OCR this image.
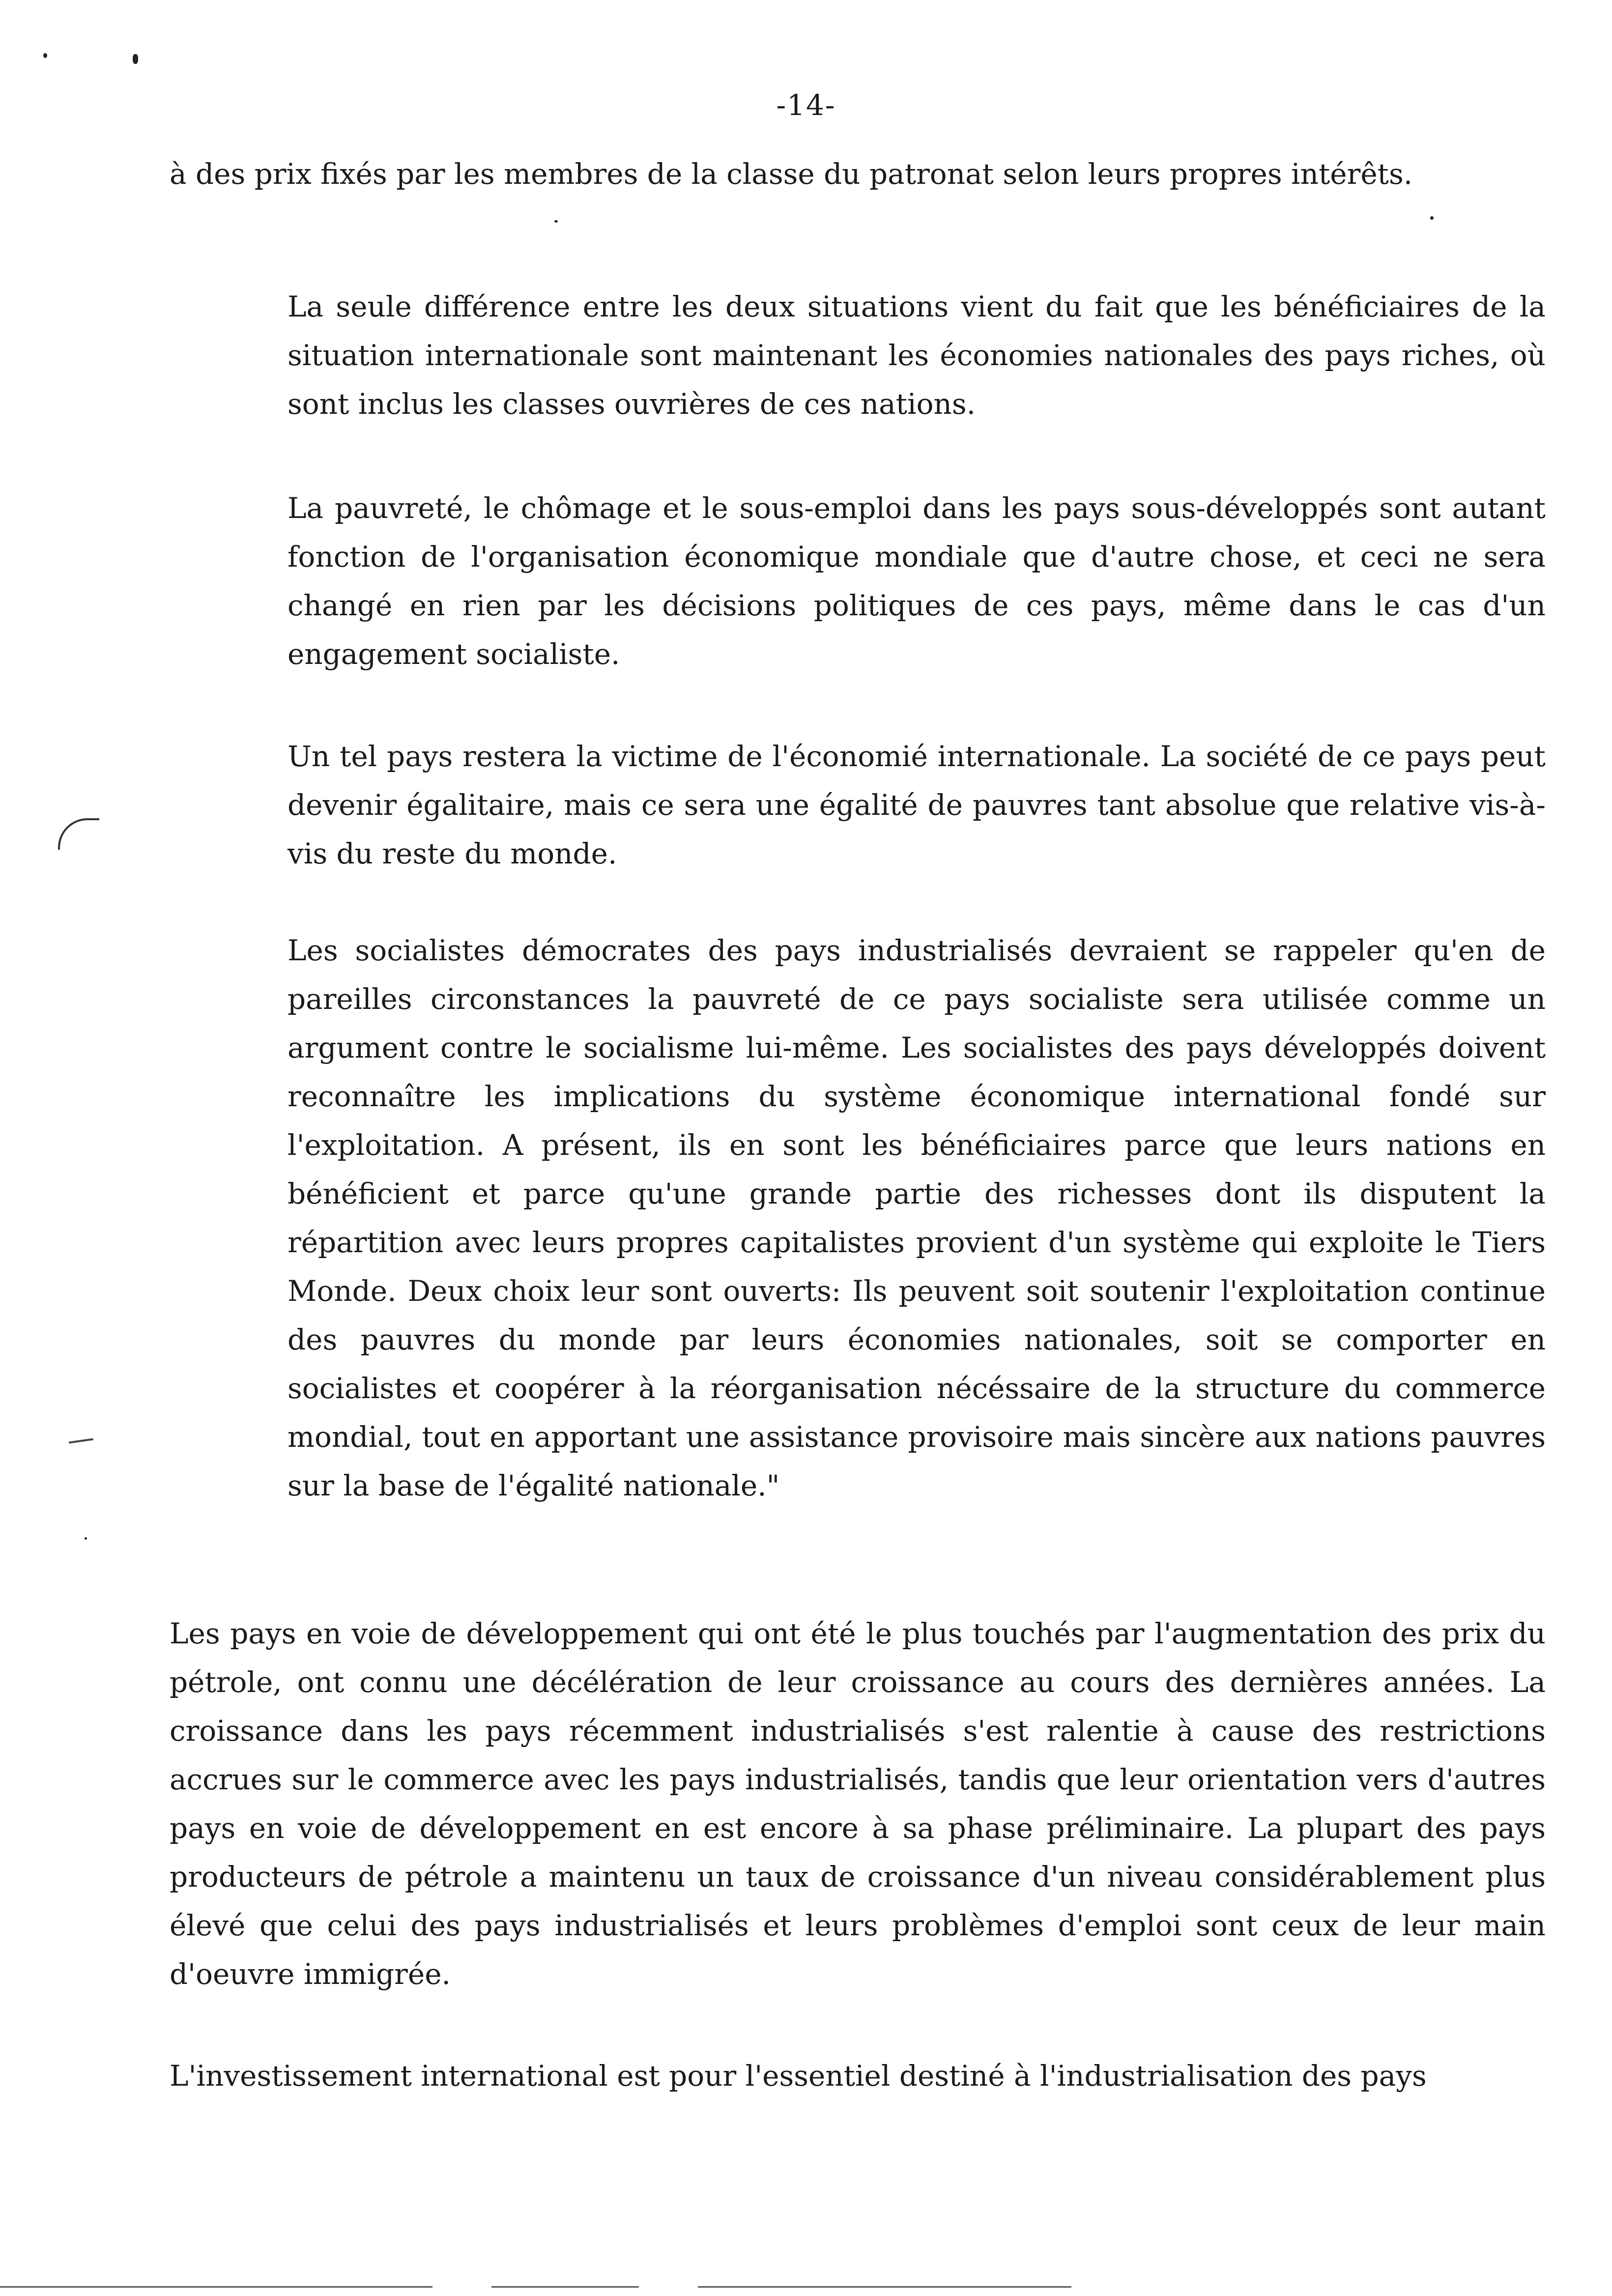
-14-

à des prix fixés par les membres de la classe du patronat selon leurs propres intérêts.

La seule différence entre les deux situations vient du fait que les bénéficiaires de la situation internationale sont maintenant les économies nationales des pays riches, où sont inclus les classes ouvrières de ces nations.

La pauvreté, le chômage et le sous-emploi dans les pays sous-développés sont autant fonction de l'organisation économique mondiale que d'autre chose, et ceci ne sera changé en rien par les décisions politiques de ces pays, même dans le cas d'un engagement socialiste.

Un tel pays restera la victime de l'économié internationale. La société de ce pays peut devenir égalitaire, mais ce sera une égalité de pauvres tant absolue que relative vis-à-vis du reste du monde.

Les socialistes démocrates des pays industrialisés devraient se rappeler qu'en de pareilles circonstances la pauvreté de ce pays socialiste sera utilisée comme un argument contre le socialisme lui-même. Les socialistes des pays développés doivent reconnaître les implications du système économique international fondé sur l'exploitation. A présent, ils en sont les bénéficiaires parce que leurs nations en bénéficient et parce qu'une grande partie des richesses dont ils disputent la répartition avec leurs propres capitalistes provient d'un système qui exploite le Tiers Monde. Deux choix leur sont ouverts: Ils peuvent soit soutenir l'exploitation continue des pauvres du monde par leurs économies nationales, soit se comporter en socialistes et coopérer à la réorganisation nécéssaire de la structure du commerce mondial, tout en apportant une assistance provisoire mais sincère aux nations pauvres sur la base de l'égalité nationale."

Les pays en voie de développement qui ont été le plus touchés par l'augmentation des prix du pétrole, ont connu une décélération de leur croissance au cours des dernières années. La croissance dans les pays récemment industrialisés s'est ralentie à cause des restrictions accrues sur le commerce avec les pays industrialisés, tandis que leur orientation vers d'autres pays en voie de développement en est encore à sa phase préliminaire. La plupart des pays producteurs de pétrole a maintenu un taux de croissance d'un niveau considérablement plus élevé que celui des pays industrialisés et leurs problèmes d'emploi sont ceux de leur main d'oeuvre immigrée.

L'investissement international est pour l'essentiel destiné à l'industrialisation des pays
